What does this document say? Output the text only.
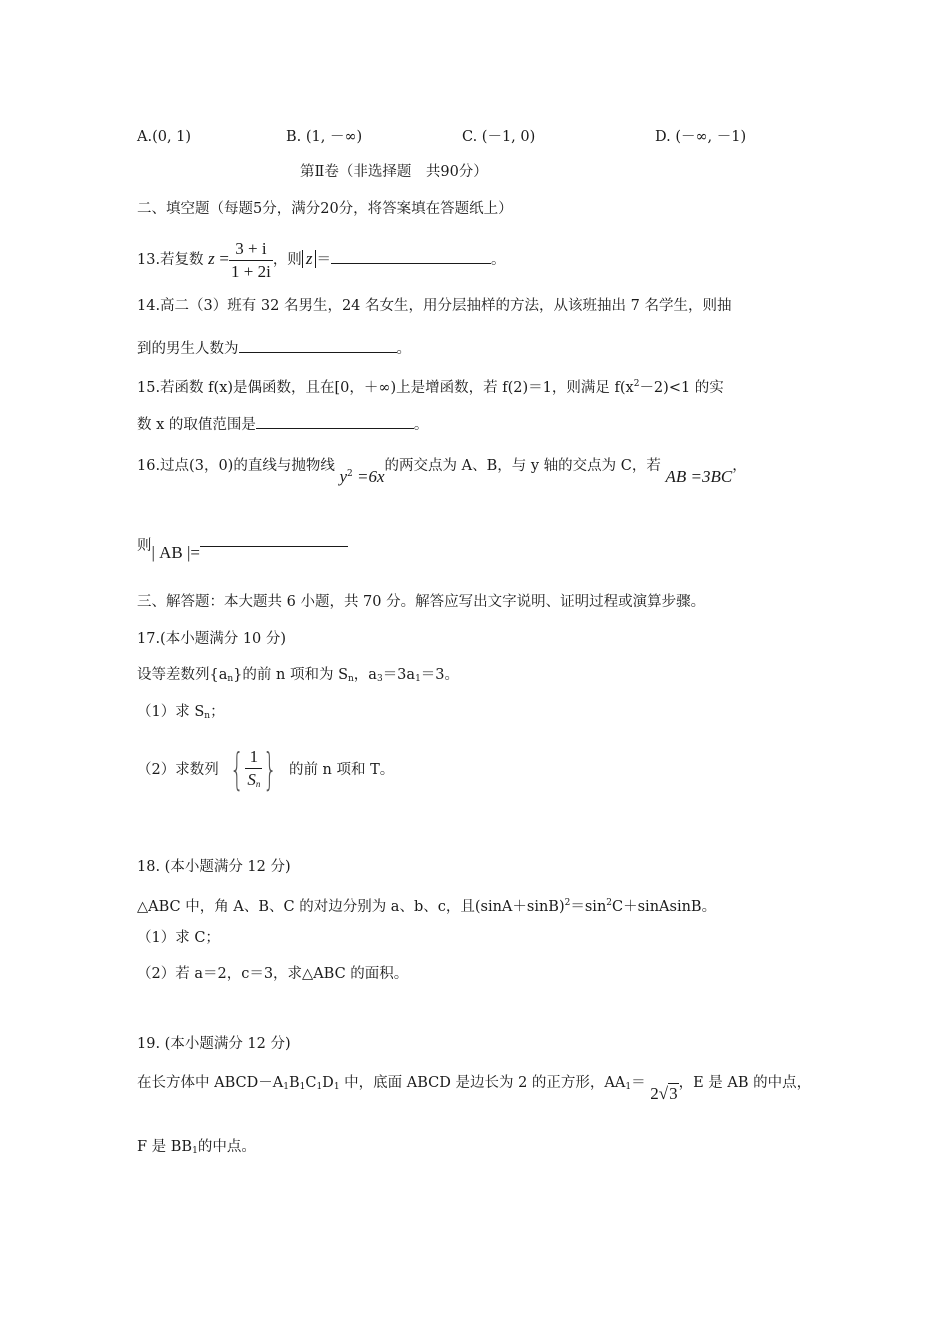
A.(0, 1)	B. (1, －∞)	C. (－1, 0)	D. (－∞, －1)
第Ⅱ卷（非选择题　共90分）
二、填空题（每题5分，满分20分，将答案填在答题纸上）
13.若复数 $z = \frac{3 + i}{1 + 2i}$ ，则 z ＝	。
14.高二（3）班有 32 名男生，24 名女生，用分层抽样的方法，从该班抽出 7 名学生，则抽
到的男生人数为	。
15.若函数 f(x)是偶函数，且在[0，＋∞)上是增函数，若 f(2)＝1，则满足 $f(x^2-2)<1$ 的实
数 x 的取值范围是	。
16.过点(3，0)的直线与抛物线 $y^2 =6x$的两交点为 A、B，与 y 轴的交点为 C，若 AB =3BC，
则| AB |=
三、解答题：本大题共 6 小题，共 70 分。解答应写出文字说明、证明过程或演算步骤。
17.(本小题满分 10 分)
设等差数列$\{a_n\}$的前 n 项和为 $S_n$，$a_3=3a_1=3$。
（1）求 $S_n$；
（2）求数列 { $\frac{1}{S_n}$ } 的前 n 项和 T。
18. (本小题满分 12 分)
△ABC 中，角 A、B、C 的对边分别为 a、b、c，且$(\sin A+\sin B)^2=\sin^2C+sinAsinB$。
（1）求 C；
（2）若 a＝2，c＝3，求△ABC 的面积。
19. (本小题满分 12 分)
在长方体中 $ABCD-A_1B_1C_1D_1$ 中，底面 ABCD 是边长为 2 的正方形，$AA_1= 2√3$，E 是 AB 的中点，
F 是 $BB_1$的中点。
